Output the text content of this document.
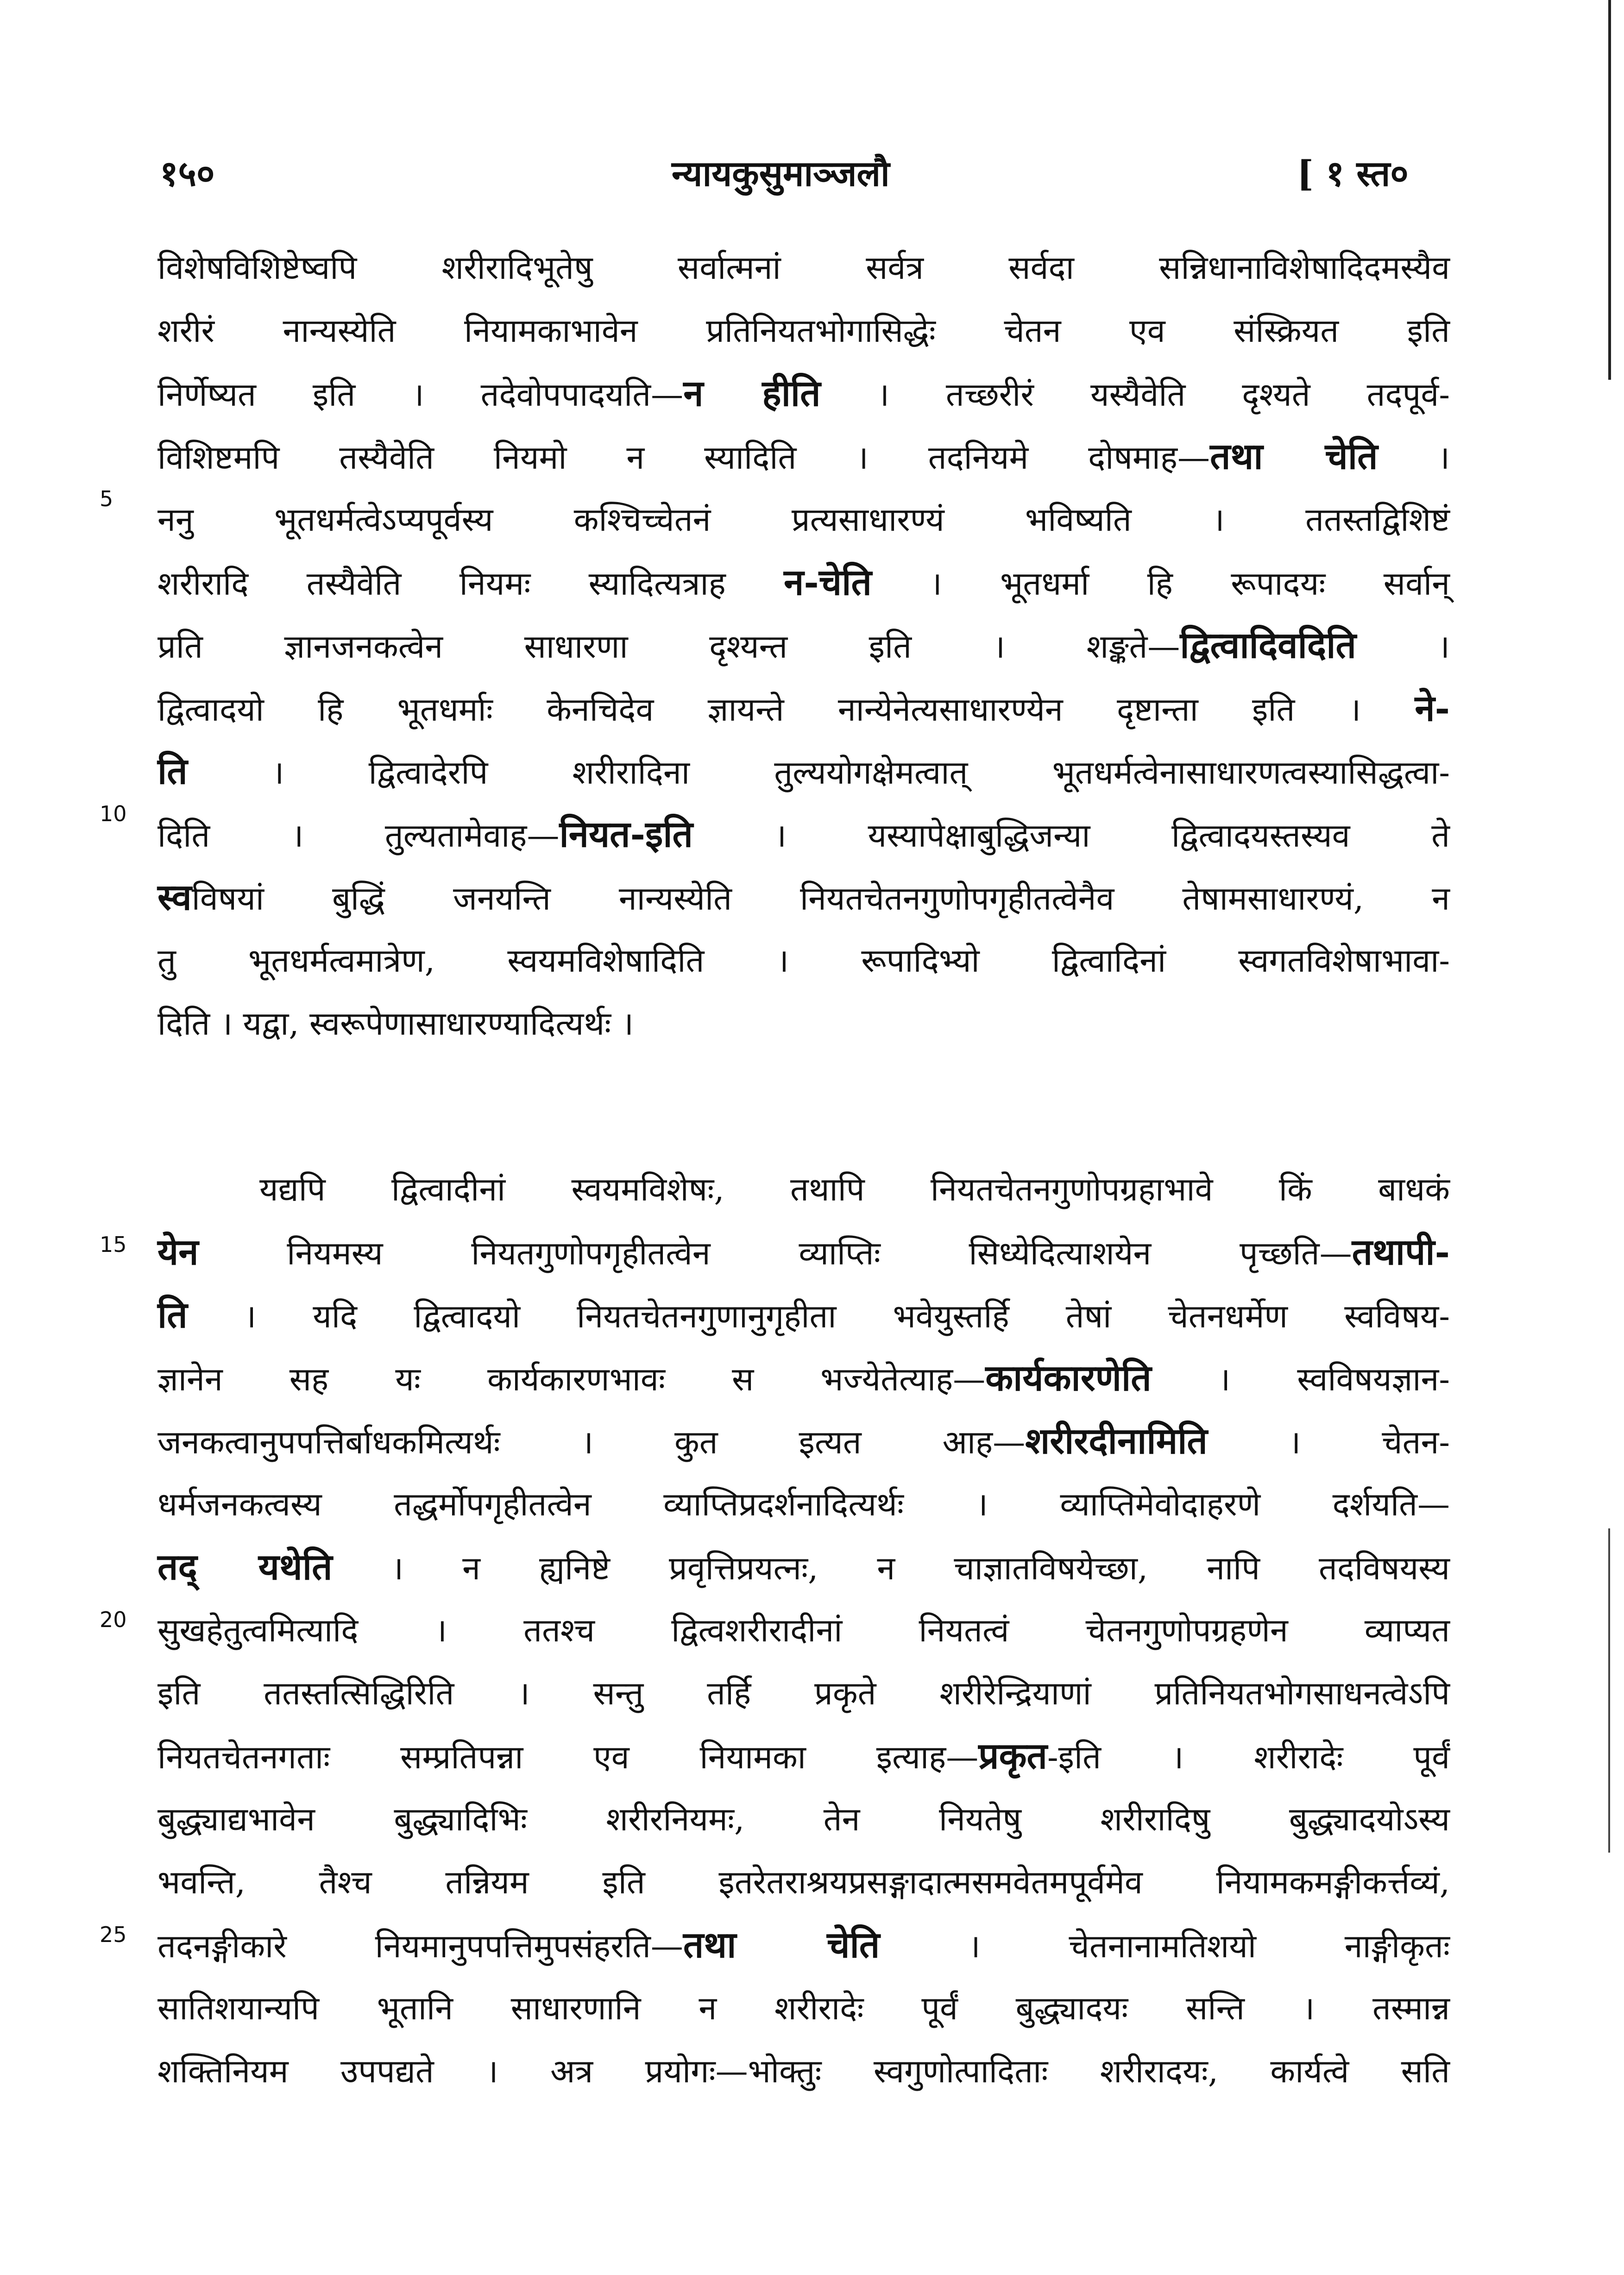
१५०	न्यायकुसुमाञ्जलौ	[ १ स्त०
विशेषविशिष्टेष्वपि शरीरादिभूतेषु सर्वात्मनां सर्वत्र सर्वदा सन्निधानाविशेषादिदमस्यैव
शरीरं नान्यस्येति नियामकाभावेन प्रतिनियतभोगासिद्धेः चेतन एव संस्क्रियत इति
निर्णेष्यत इति । तदेवोपपादयति—न हीति । तच्छरीरं यस्यैवेति दृश्यते तदपूर्व-
विशिष्टमपि तस्यैवेति नियमो न स्यादिति । तदनियमे दोषमाह—तथा चेति ।
ननु भूतधर्मत्वेऽप्यपूर्वस्य कश्चिच्चेतनं प्रत्यसाधारण्यं भविष्यति । ततस्तद्विशिष्टं
शरीरादि तस्यैवेति नियमः स्यादित्यत्राह न-चेति । भूतधर्मा हि रूपादयः सर्वान्
प्रति ज्ञानजनकत्वेन साधारणा दृश्यन्त इति । शङ्कते—द्वित्वादिवदिति ।
द्वित्वादयो हि भूतधर्माः केनचिदेव ज्ञायन्ते नान्येनेत्यसाधारण्येन दृष्टान्ता इति । ने-
ति । द्वित्वादेरपि शरीरादिना तुल्ययोगक्षेमत्वात् भूतधर्मत्वेनासाधारणत्वस्यासिद्धत्वा-
दिति । तुल्यतामेवाह—नियत-इति । यस्यापेक्षाबुद्धिजन्या द्वित्वादयस्तस्यव ते
स्वविषयां बुद्धिं जनयन्ति नान्यस्येति नियतचेतनगुणोपगृहीतत्वेनैव तेषामसाधारण्यं, न
तु भूतधर्मत्वमात्रेण, स्वयमविशेषादिति । रूपादिभ्यो द्वित्वादिनां स्वगतविशेषाभावा-
दिति । यद्वा, स्वरूपेणासाधारण्यादित्यर्थः ।
यद्यपि द्वित्वादीनां स्वयमविशेषः, तथापि नियतचेतनगुणोपग्रहाभावे किं बाधकं
येन नियमस्य नियतगुणोपगृहीतत्वेन व्याप्तिः सिध्येदित्याशयेन पृच्छति—तथापी-
ति । यदि द्वित्वादयो नियतचेतनगुणानुगृहीता भवेयुस्तर्हि तेषां चेतनधर्मेण स्वविषय-
ज्ञानेन सह यः कार्यकारणभावः स भज्येतेत्याह—कार्यकारणेति । स्वविषयज्ञान-
जनकत्वानुपपत्तिर्बाधकमित्यर्थः । कुत इत्यत आह—शरीरदीनामिति । चेतन-
धर्मजनकत्वस्य तद्धर्मोपगृहीतत्वेन व्याप्तिप्रदर्शनादित्यर्थः । व्याप्तिमेवोदाहरणे दर्शयति—
तद् यथेति । न ह्यनिष्टे प्रवृत्तिप्रयत्नः, न चाज्ञातविषयेच्छा, नापि तदविषयस्य
सुखहेतुत्वमित्यादि । ततश्च द्वित्वशरीरादीनां नियतत्वं चेतनगुणोपग्रहणेन व्याप्यत
इति ततस्तत्सिद्धिरिति । सन्तु तर्हि प्रकृते शरीरेन्द्रियाणां प्रतिनियतभोगसाधनत्वेऽपि
नियतचेतनगताः सम्प्रतिपन्ना एव नियामका इत्याह—प्रकृत-इति । शरीरादेः पूर्वं
बुद्ध्याद्यभावेन बुद्ध्यादिभिः शरीरनियमः, तेन नियतेषु शरीरादिषु बुद्ध्यादयोऽस्य
भवन्ति, तैश्च तन्नियम इति इतरेतराश्रयप्रसङ्गादात्मसमवेतमपूर्वमेव नियामकमङ्गीकर्त्तव्यं,
तदनङ्गीकारे नियमानुपपत्तिमुपसंहरति—तथा चेति । चेतनानामतिशयो नाङ्गीकृतः
सातिशयान्यपि भूतानि साधारणानि न शरीरादेः पूर्वं बुद्ध्यादयः सन्ति । तस्मान्न
शक्तिनियम उपपद्यते । अत्र प्रयोगः—भोक्तुः स्वगुणोत्पादिताः शरीरादयः, कार्यत्वे सति
5
10
15
20
25
